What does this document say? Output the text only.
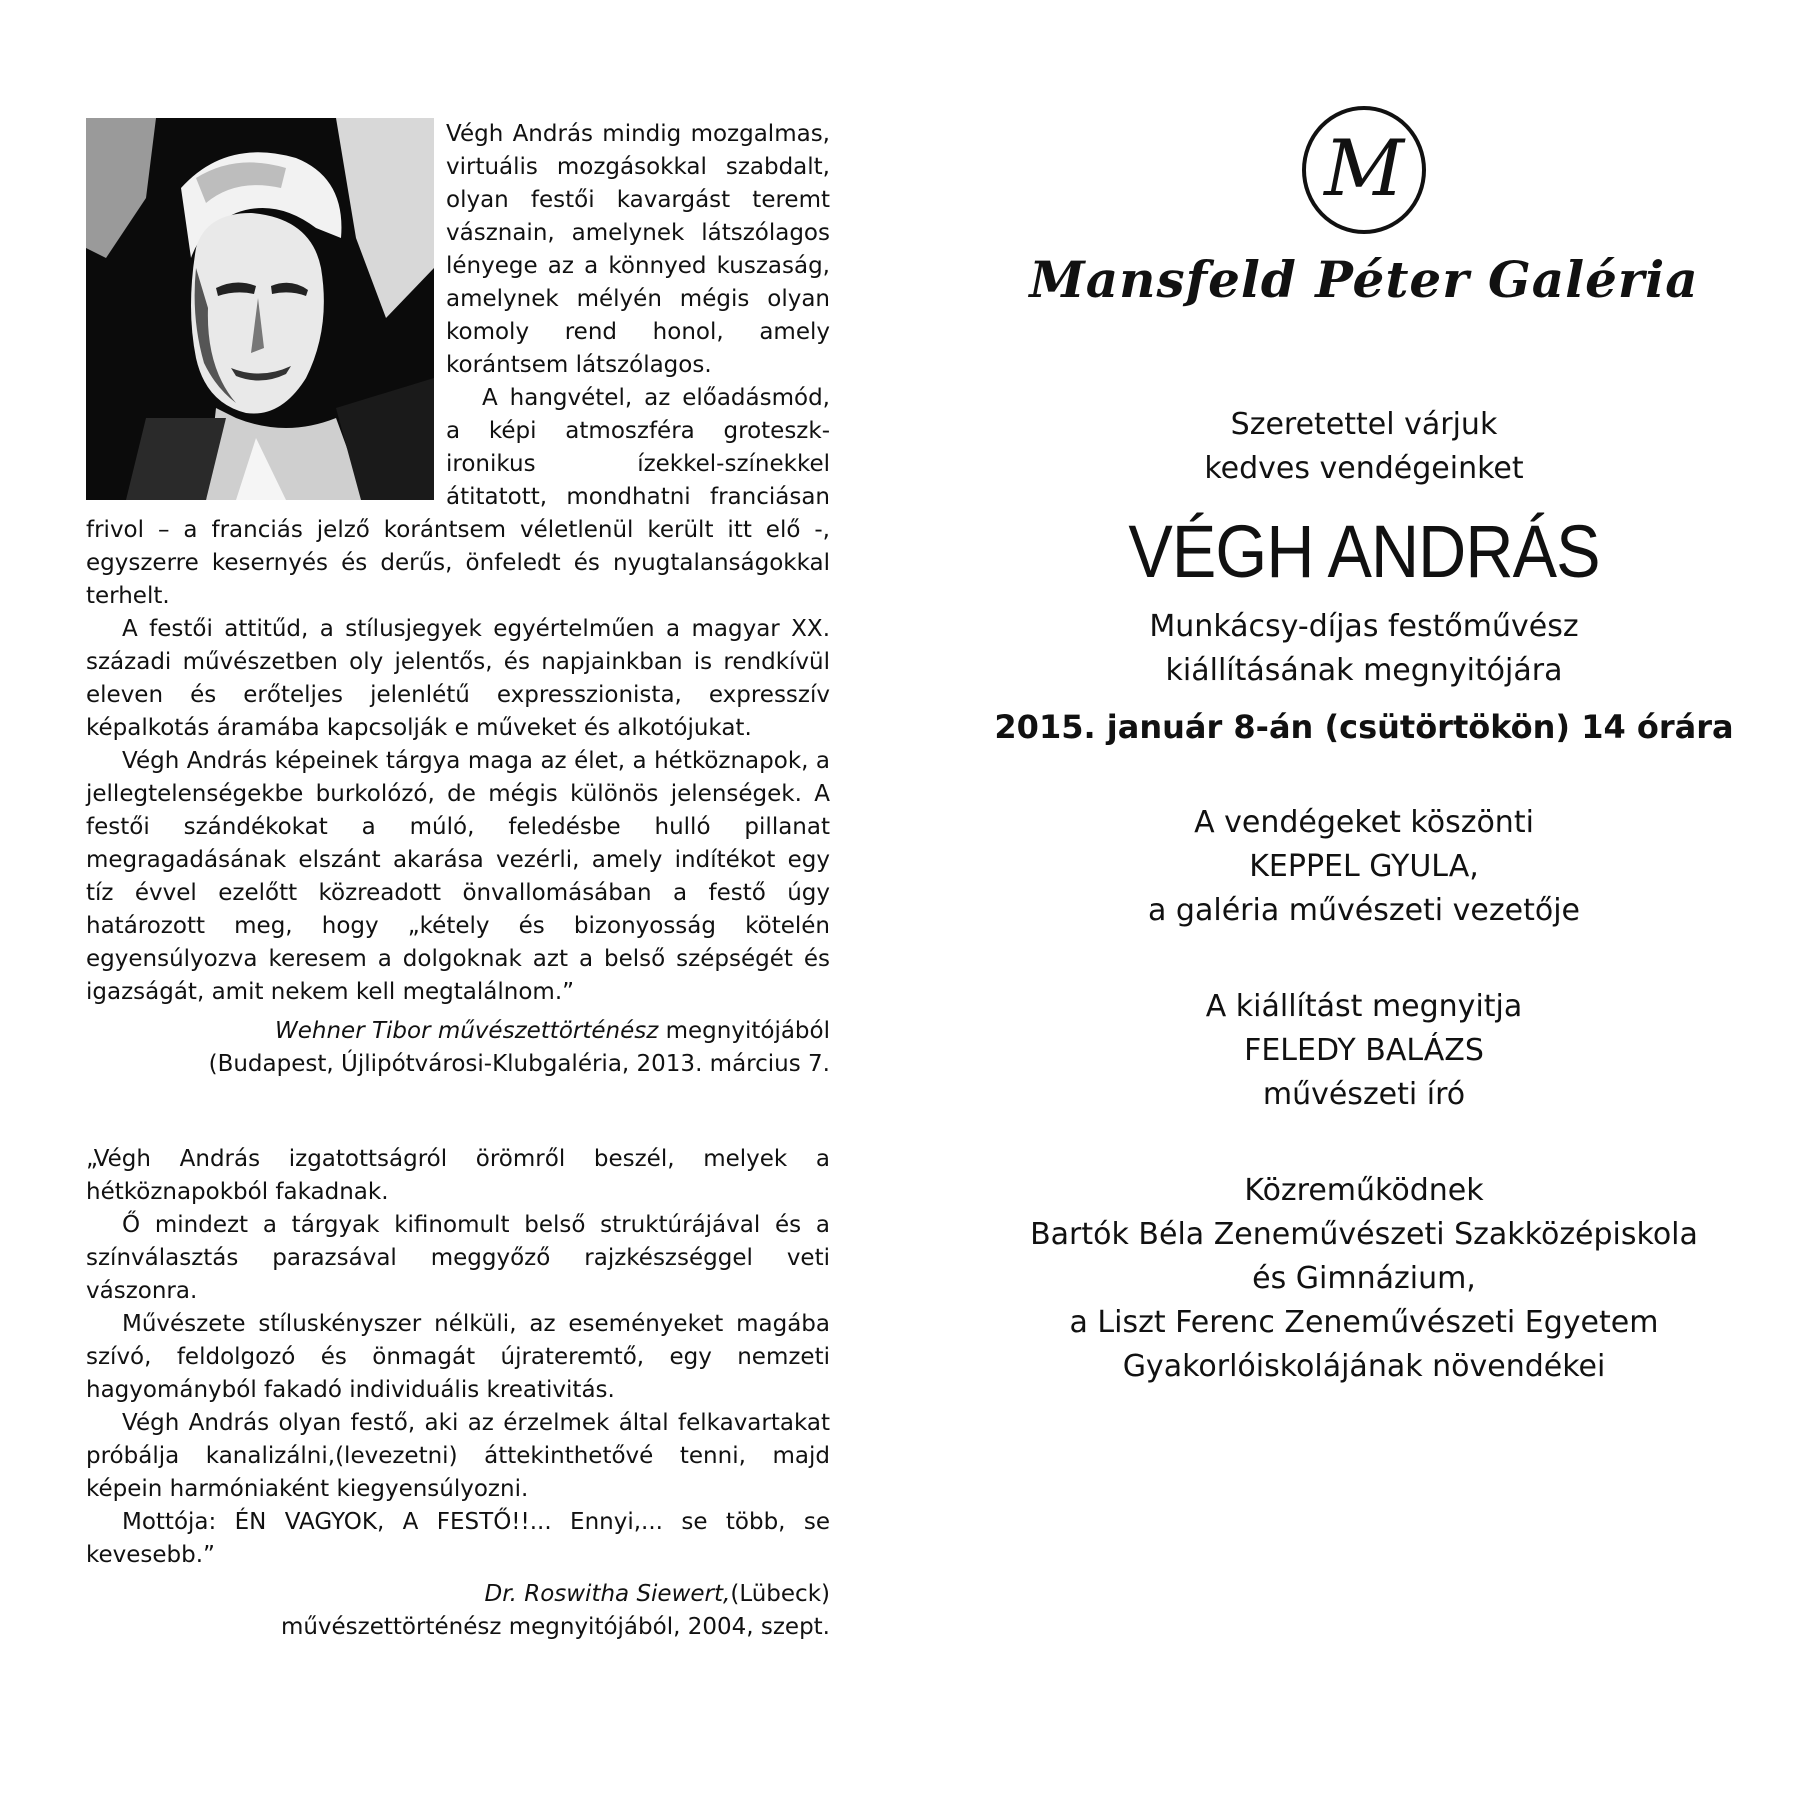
Végh András mindig mozgalmas, virtuális mozgásokkal szabdalt, olyan festői kavargást teremt vásznain, amelynek látszólagos lényege az a könnyed kuszaság, amelynek mélyén mégis olyan komoly rend honol, amely korántsem látszólagos.

A hangvétel, az előadásmód, a képi atmoszféra groteszk-ironikus ízekkel-színekkel átitatott, mondhatni franciásan frivol – a franciás jelző korántsem véletlenül került itt elő -, egyszerre kesernyés és derűs, önfeledt és nyugtalanságokkal terhelt.

A festői attitűd, a stílusjegyek egyértelműen a magyar XX. századi művészetben oly jelentős, és napjainkban is rendkívül eleven és erőteljes jelenlétű expresszionista, expresszív képalkotás áramába kapcsolják e műveket és alkotójukat.

Végh András képeinek tárgya maga az élet, a hétköznapok, a jellegtelenségekbe burkolózó, de mégis különös jelenségek. A festői szándékokat a múló, feledésbe hulló pillanat megragadásának elszánt akarása vezérli, amely indítékot egy tíz évvel ezelőtt közreadott önvallomásában a festő úgy határozott meg, hogy „kétely és bizonyosság kötelén egyensúlyozva keresem a dolgoknak azt a belső szépségét és igazságát, amit nekem kell megtalálnom.”

Wehner Tibor művészettörténész megnyitójából
(Budapest, Újlipótvárosi-Klubgaléria, 2013. március 7.

„Végh András izgatottságról örömről beszél, melyek a hétköznapokból fakadnak.

Ő mindezt a tárgyak kifinomult belső struktúrájával és a színválasztás parazsával meggyőző rajzkészséggel veti vászonra.

Művészete stíluskényszer nélküli, az eseményeket magába szívó, feldolgozó és önmagát újrateremtő, egy nemzeti hagyományból fakadó individuális kreativitás.

Végh András olyan festő, aki az érzelmek által felkavartakat próbálja kanalizálni,(levezetni) áttekinthetővé tenni, majd képein harmóniaként kiegyensúlyozni.

Mottója: ÉN VAGYOK, A FESTŐ!!... Ennyi,... se több, se kevesebb.”

Dr. Roswitha Siewert,(Lübeck)
művészettörténész megnyitójából, 2004, szept.
M
Mansfeld Péter Galéria

Szeretettel várjuk

kedves vendégeinket

VÉGH ANDRÁS

Munkácsy-díjas festőművész

kiállításának megnyitójára

2015. január 8-án (csütörtökön) 14 órára

A vendégeket köszönti

KEPPEL GYULA,

a galéria művészeti vezetője

A kiállítást megnyitja

FELEDY BALÁZS

művészeti író

Közreműködnek

Bartók Béla Zeneművészeti Szakközépiskola

és Gimnázium,

a Liszt Ferenc Zeneművészeti Egyetem

Gyakorlóiskolájának növendékei
